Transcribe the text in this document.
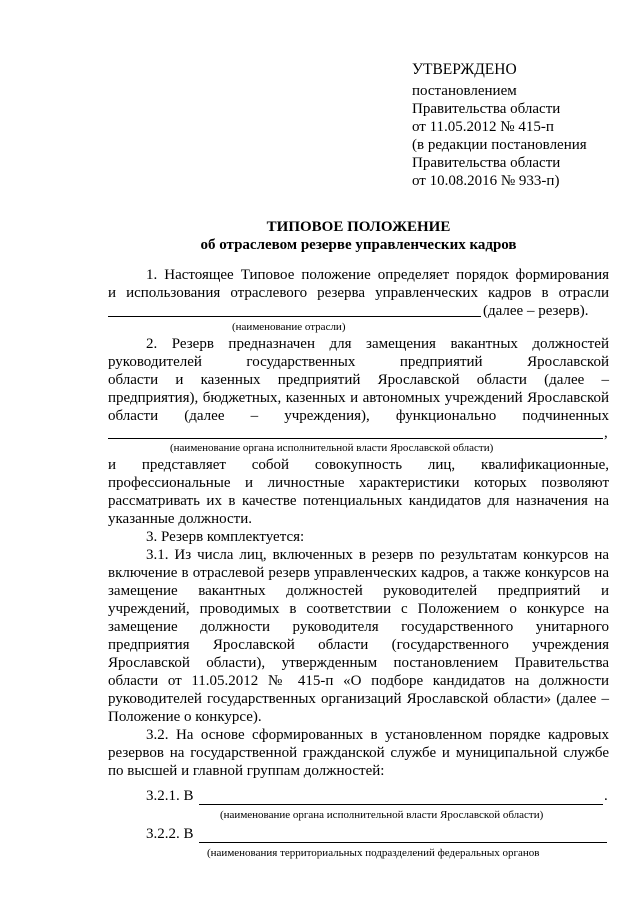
УТВЕРЖДЕНО
постановлением
Правительства области
от 11.05.2012 № 415-п
(в редакции постановления
Правительства области
от 10.08.2016 № 933-п)
ТИПОВОЕ ПОЛОЖЕНИЕ
об отраслевом резерве управленческих кадров
1. Настоящее Типовое положение определяет порядок формирования
и использования отраслевого резерва управленческих кадров в отрасли
(далее – резерв).
(наименование отрасли)
2. Резерв предназначен для замещения вакантных должностей
руководителей государственных предприятий Ярославской
области и казенных предприятий Ярославской области (далее –
предприятия), бюджетных, казенных и автономных учреждений Ярославской
области (далее – учреждения), функционально подчиненных
,
(наименование органа исполнительной власти Ярославской области)
и представляет собой совокупность лиц, квалификационные,
профессиональные и личностные характеристики которых позволяют
рассматривать их в качестве потенциальных кандидатов для назначения на
указанные должности.
3. Резерв комплектуется:
3.1. Из числа лиц, включенных в резерв по результатам конкурсов на
включение в отраслевой резерв управленческих кадров, а также конкурсов на
замещение вакантных должностей руководителей предприятий и
учреждений, проводимых в соответствии с Положением о конкурсе на
замещение должности руководителя государственного унитарного
предприятия Ярославской области (государственного учреждения
Ярославской области), утвержденным постановлением Правительства
области от 11.05.2012 № 415-п «О подборе кандидатов на должности
руководителей государственных организаций Ярославской области» (далее –
Положение о конкурсе).
3.2. На основе сформированных в установленном порядке кадровых
резервов на государственной гражданской службе и муниципальной службе
по высшей и главной группам должностей:
3.2.1. В	.
(наименование органа исполнительной власти Ярославской области)
3.2.2. В
(наименования территориальных подразделений федеральных органов
